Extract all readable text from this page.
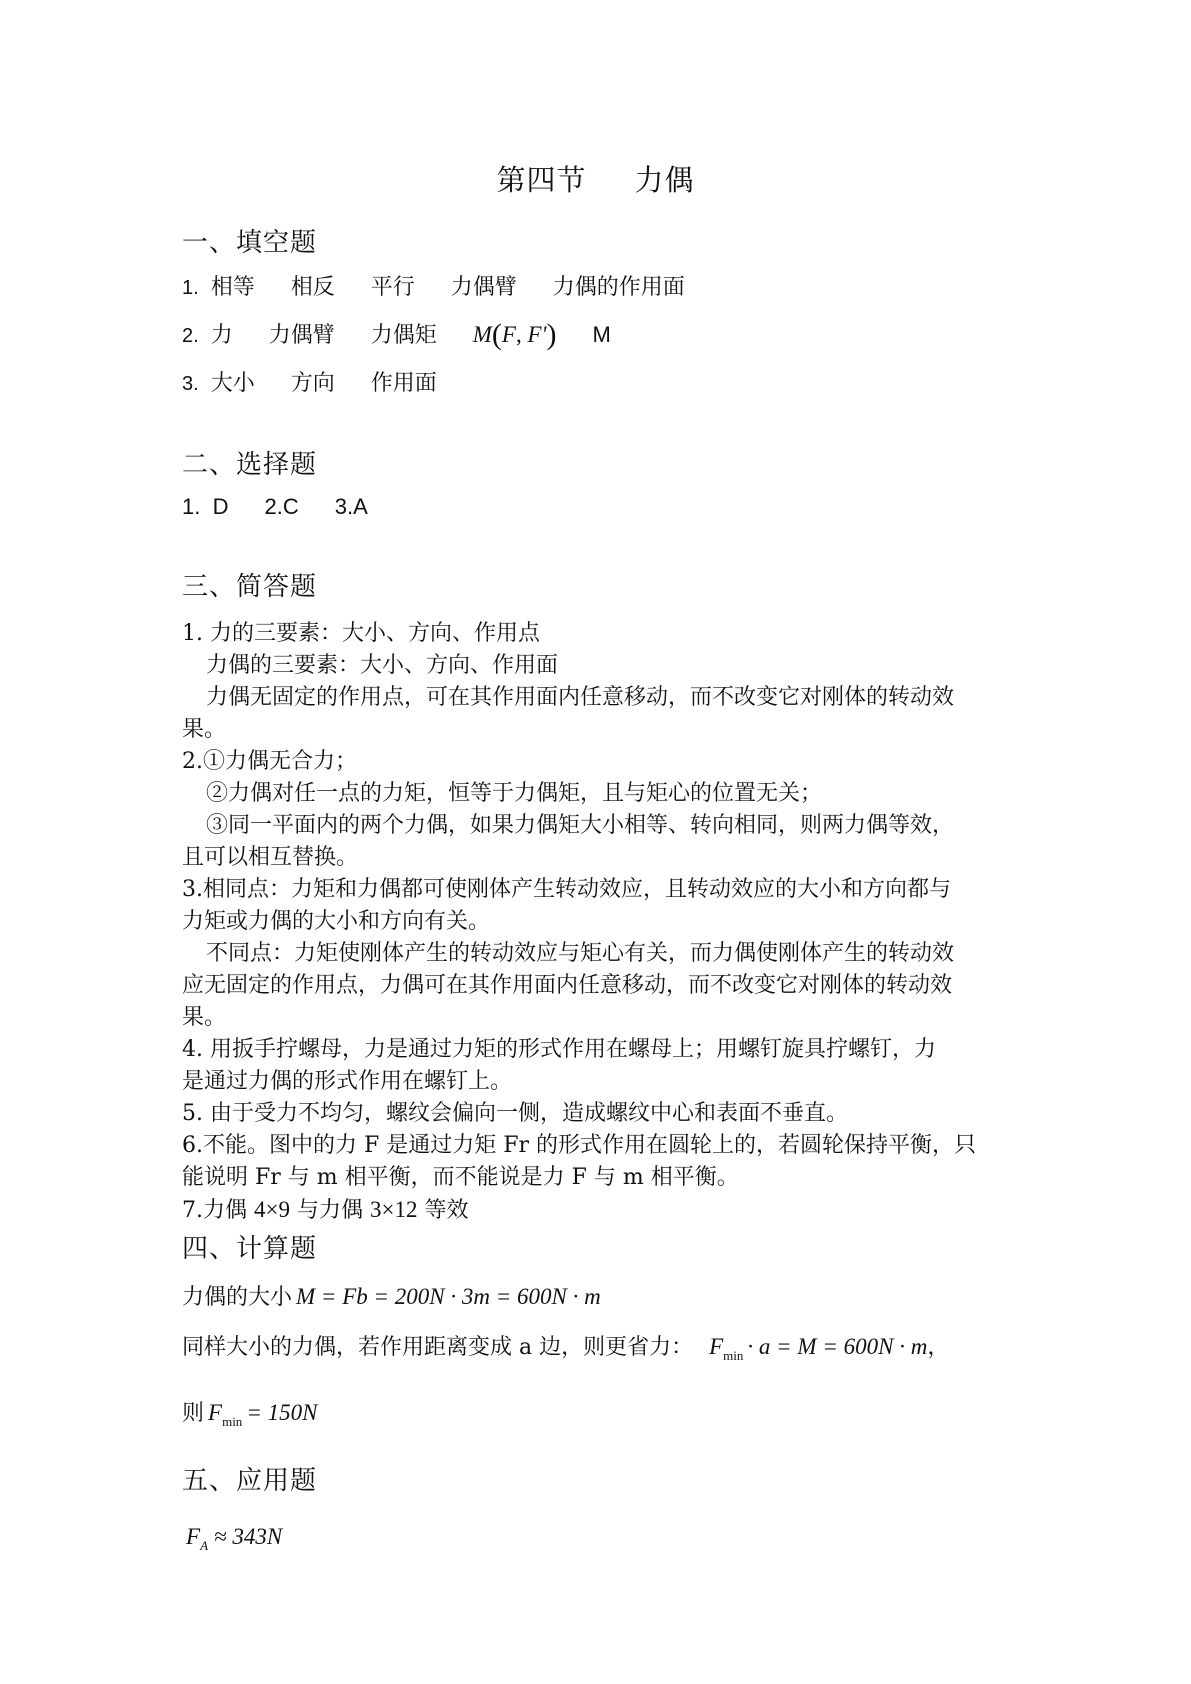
第四节 力偶
一、填空题
1. 相等 相反 平行 力偶臂 力偶的作用面
2. 力 力偶臂 力偶矩 M(F, F') M
3. 大小 方向 作用面
二、选择题
1.  D 2.C 3.A
三、简答题
1. 力的三要素：大小、方向、作用点
力偶的三要素：大小、方向、作用面
力偶无固定的作用点，可在其作用面内任意移动，而不改变它对刚体的转动效
果。
2.①力偶无合力；
②力偶对任一点的力矩，恒等于力偶矩，且与矩心的位置无关；
③同一平面内的两个力偶，如果力偶矩大小相等、转向相同，则两力偶等效，
且可以相互替换。
3.相同点：力矩和力偶都可使刚体产生转动效应，且转动效应的大小和方向都与
力矩或力偶的大小和方向有关。
不同点：力矩使刚体产生的转动效应与矩心有关，而力偶使刚体产生的转动效
应无固定的作用点，力偶可在其作用面内任意移动，而不改变它对刚体的转动效
果。
4. 用扳手拧螺母，力是通过力矩的形式作用在螺母上；用螺钉旋具拧螺钉，力
是通过力偶的形式作用在螺钉上。
5. 由于受力不均匀，螺纹会偏向一侧，造成螺纹中心和表面不垂直。
6.不能。图中的力 F 是通过力矩 Fr 的形式作用在圆轮上的，若圆轮保持平衡，只
能说明 Fr 与 m 相平衡，而不能说是力 F 与 m 相平衡。
7.力偶 4×9 与力偶 3×12 等效
四、计算题
力偶的大小 M = Fb = 200N · 3m = 600N · m
同样大小的力偶，若作用距离变成 a 边，则更省力： $F_{min} \cdot a = M = 600N \cdot m$，
则 $F_{min} = 150N$
五、应用题
$F_A \approx 343N$
